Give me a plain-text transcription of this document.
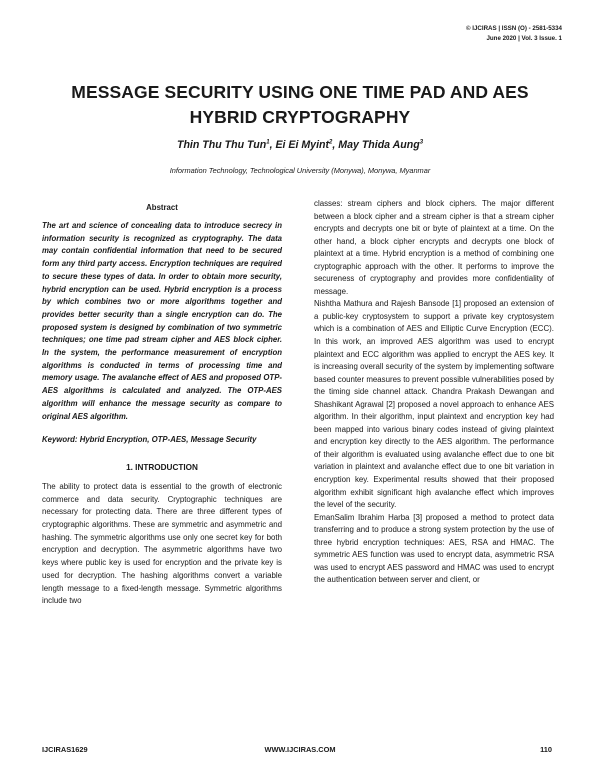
© IJCIRAS | ISSN (O) - 2581-5334
June 2020 | Vol. 3 Issue. 1
MESSAGE SECURITY USING ONE TIME PAD AND AES HYBRID CRYPTOGRAPHY
Thin Thu Thu Tun$^1$, Ei Ei Myint$^2$, May Thida Aung$^3$
Information Technology, Technological University (Monywa), Monywa, Myanmar
Abstract

The art and science of concealing data to introduce secrecy in information security is recognized as cryptography. The data may contain confidential information that need to be secured form any third party access. Encryption techniques are required to secure these types of data. In order to obtain more security, hybrid encryption can be used. Hybrid encryption is a process by which combines two or more algorithms together and provides better security than a single encryption can do. The proposed system is designed by combination of two symmetric techniques; one time pad stream cipher and AES block cipher. In the system, the performance measurement of encryption algorithms is conducted in terms of processing time and memory usage. The avalanche effect of AES and proposed OTP-AES algorithms is calculated and analyzed. The OTP-AES algorithm will enhance the message security as compare to original AES algorithm.

Keyword: Hybrid Encryption, OTP-AES, Message Security

1. INTRODUCTION

The ability to protect data is essential to the growth of electronic commerce and data security. Cryptographic techniques are necessary for protecting data. There are three different types of cryptographic algorithms. These are symmetric and asymmetric and hashing. The symmetric algorithms use only one secret key for both encryption and decryption. The asymmetric algorithms have two keys where public key is used for encryption and the private key is used for decryption. The hashing algorithms convert a variable length message to a fixed-length message. Symmetric algorithms include two

classes: stream ciphers and block ciphers. The major different between a block cipher and a stream cipher is that a stream cipher encrypts and decrypts one bit or byte of plaintext at a time. On the other hand, a block cipher encrypts and decrypts one block of plaintext at a time. Hybrid encryption is a method of combining one cryptographic approach with the other. It performs to improve the secureness of cryptography and provides more confidentiality of message.

Nishtha Mathura and Rajesh Bansode [1] proposed an extension of a public-key cryptosystem to support a private key cryptosystem which is a combination of AES and Elliptic Curve Encryption (ECC). In this work, an improved AES algorithm was used to encrypt plaintext and ECC algorithm was applied to encrypt the AES key. It is increasing overall security of the system by implementing software based counter measures to prevent possible vulnerabilities posed by the timing side channel attack. Chandra Prakash Dewangan and Shashikant Agrawal [2] proposed a novel approach to enhance AES algorithm. In their algorithm, input plaintext and encryption key had been mapped into various binary codes instead of giving plaintext and encryption key directly to the AES algorithm. The performance of their algorithm is evaluated using avalanche effect due to one bit variation in plaintext and avalanche effect due to one bit variation in encryption key. Experimental results showed that their proposed algorithm exhibit significant high avalanche effect which improves the level of the security.

EmanSalim Ibrahim Harba [3] proposed a method to protect data transferring and to produce a strong system protection by the use of three hybrid encryption techniques: AES, RSA and HMAC. The symmetric AES function was used to encrypt data, asymmetric RSA was used to encrypt AES password and HMAC was used to encrypt the authentication between server and client, or

IJCIRAS1629	WWW.IJCIRAS.COM	110
